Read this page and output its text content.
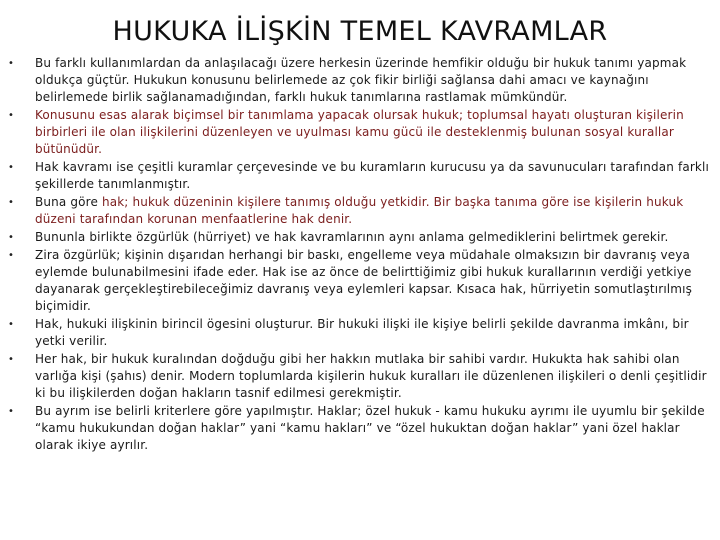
HUKUKA İLİŞKİN TEMEL KAVRAMLAR
• Bu farklı kullanımlardan da anlaşılacağı üzere herkesin üzerinde hemfikir olduğu bir hukuk tanımı yapmak oldukça güçtür. Hukukun konusunu belirlemede az çok fikir birliği sağlansa dahi amacı ve kaynağını belirlemede birlik sağlanamadığından, farklı hukuk tanımlarına rastlamak mümkündür.
• Konusunu esas alarak biçimsel bir tanımlama yapacak olursak hukuk; toplumsal hayatı oluşturan kişilerin birbirleri ile olan ilişkilerini düzenleyen ve uyulması kamu gücü ile desteklenmiş bulunan sosyal kurallar bütünüdür.
• Hak kavramı ise çeşitli kuramlar çerçevesinde ve bu kuramların kurucusu ya da savunucuları tarafından farklı şekillerde tanımlanmıştır.
• Buna göre hak; hukuk düzeninin kişilere tanımış olduğu yetkidir. Bir başka tanıma göre ise kişilerin hukuk düzeni tarafından korunan menfaatlerine hak denir.
• Bununla birlikte özgürlük (hürriyet) ve hak kavramlarının aynı anlama gelmediklerini belirtmek gerekir.
• Zira özgürlük; kişinin dışarıdan herhangi bir baskı, engelleme veya müdahale olmaksızın bir davranış veya eylemde bulunabilmesini ifade eder. Hak ise az önce de belirttiğimiz gibi hukuk kurallarının verdiği yetkiye dayanarak gerçekleştirebileceğimiz davranış veya eylemleri kapsar. Kısaca hak, hürriyetin somutlaştırılmış biçimidir.
• Hak, hukuki ilişkinin birincil ögesini oluşturur. Bir hukuki ilişki ile kişiye belirli şekilde davranma imkânı, bir yetki verilir.
• Her hak, bir hukuk kuralından doğduğu gibi her hakkın mutlaka bir sahibi vardır. Hukukta hak sahibi olan varlığa kişi (şahıs) denir. Modern toplumlarda kişilerin hukuk kuralları ile düzenlenen ilişkileri o denli çeşitlidir ki bu ilişkilerden doğan hakların tasnif edilmesi gerekmiştir.
• Bu ayrım ise belirli kriterlere göre yapılmıştır. Haklar; özel hukuk - kamu hukuku ayrımı ile uyumlu bir şekilde “kamu hukukundan doğan haklar” yani “kamu hakları” ve “özel hukuktan doğan haklar” yani özel haklar olarak ikiye ayrılır.
